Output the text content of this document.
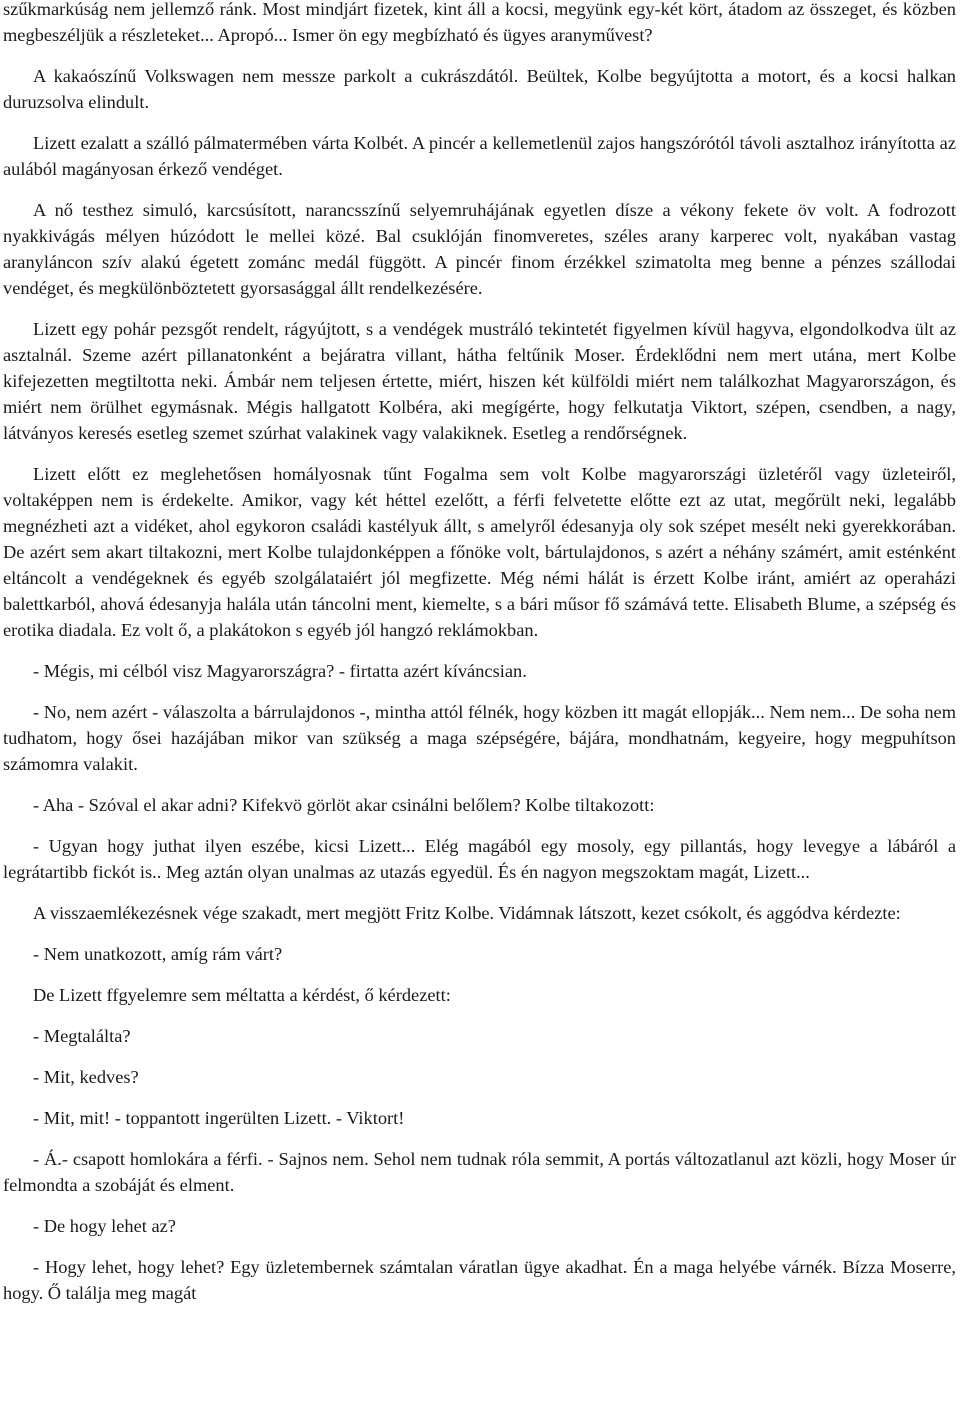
szűkmarkúság nem jellemző ránk. Most mindjárt fizetek, kint áll a kocsi, megyünk egy-két kört, átadom az összeget, és közben megbeszéljük a részleteket... Apropó... Ismer ön egy megbízható és ügyes aranyművest?

A kakaószínű Volkswagen nem messze parkolt a cukrászdától. Beültek, Kolbe begyújtotta a motort, és a kocsi halkan duruzsolva elindult.

Lizett ezalatt a szálló pálmatermében várta Kolbét. A pincér a kellemetlenül zajos hangszórótól távoli asztalhoz irányította az aulából magányosan érkező vendéget.

A nő testhez simuló, karcsúsított, narancsszínű selyemruhájának egyetlen dísze a vékony fekete öv volt. A fodrozott nyakkivágás mélyen húzódott le mellei közé. Bal csuklóján finomveretes, széles arany karperec volt, nyakában vastag aranyláncon szív alakú égetett zománc medál függött. A pincér finom érzékkel szimatolta meg benne a pénzes szállodai vendéget, és megkülönböztetett gyorsasággal állt rendelkezésére.

Lizett egy pohár pezsgőt rendelt, rágyújtott, s a vendégek mustráló tekintetét figyelmen kívül hagyva, elgondolkodva ült az asztalnál. Szeme azért pillanatonként a bejáratra villant, hátha feltűnik Moser. Érdeklődni nem mert utána, mert Kolbe kifejezetten megtiltotta neki. Ámbár nem teljesen értette, miért, hiszen két külföldi miért nem találkozhat Magyarországon, és miért nem örülhet egymásnak. Mégis hallgatott Kolbéra, aki megígérte, hogy felkutatja Viktort, szépen, csendben, a nagy, látványos keresés esetleg szemet szúrhat valakinek vagy valakiknek. Esetleg a rendőrségnek.

Lizett előtt ez meglehetősen homályosnak tűnt Fogalma sem volt Kolbe magyarországi üzletéről vagy üzleteiről, voltaképpen nem is érdekelte. Amikor, vagy két héttel ezelőtt, a férfi felvetette előtte ezt az utat, megőrült neki, legalább megnézheti azt a vidéket, ahol egykoron családi kastélyuk állt, s amelyről édesanyja oly sok szépet mesélt neki gyerekkorában. De azért sem akart tiltakozni, mert Kolbe tulajdonképpen a főnöke volt, bártulajdonos, s azért a néhány számért, amit esténként eltáncolt a vendégeknek és egyéb szolgálataiért jól megfizette. Még némi hálát is érzett Kolbe iránt, amiért az operaházi balettkarból, ahová édesanyja halála után táncolni ment, kiemelte, s a bári műsor fő számává tette. Elisabeth Blume, a szépség és erotika diadala. Ez volt ő, a plakátokon s egyéb jól hangzó reklámokban.

- Mégis, mi célból visz Magyarországra? - firtatta azért kíváncsian.

- No, nem azért - válaszolta a bárrulajdonos -, mintha attól félnék, hogy közben itt magát ellopják... Nem nem... De soha nem tudhatom, hogy ősei hazájában mikor van szükség a maga szépségére, bájára, mondhatnám, kegyeire, hogy megpuhítson számomra valakit.

- Aha - Szóval el akar adni? Kifekvö görlöt akar csinálni belőlem? Kolbe tiltakozott:

- Ugyan hogy juthat ilyen eszébe, kicsi Lizett... Elég magából egy mosoly, egy pillantás, hogy levegye a lábáról a legrátartibb fickót is.. Meg aztán olyan unalmas az utazás egyedül. És én nagyon megszoktam magát, Lizett...

A visszaemlékezésnek vége szakadt, mert megjött Fritz Kolbe. Vidámnak látszott, kezet csókolt, és aggódva kérdezte:

- Nem unatkozott, amíg rám várt?

De Lizett ffgyelemre sem méltatta a kérdést, ő kérdezett:

- Megtalálta?

- Mit, kedves?

- Mit, mit! - toppantott ingerülten Lizett. - Viktort!

- Á.- csapott homlokára a férfi. - Sajnos nem. Sehol nem tudnak róla semmit, A portás változatlanul azt közli, hogy Moser úr felmondta a szobáját és elment.

- De hogy lehet az?

- Hogy lehet, hogy lehet? Egy üzletembernek számtalan váratlan ügye akadhat. Én a maga helyébe várnék. Bízza Moserre, hogy. Ő találja meg magát
